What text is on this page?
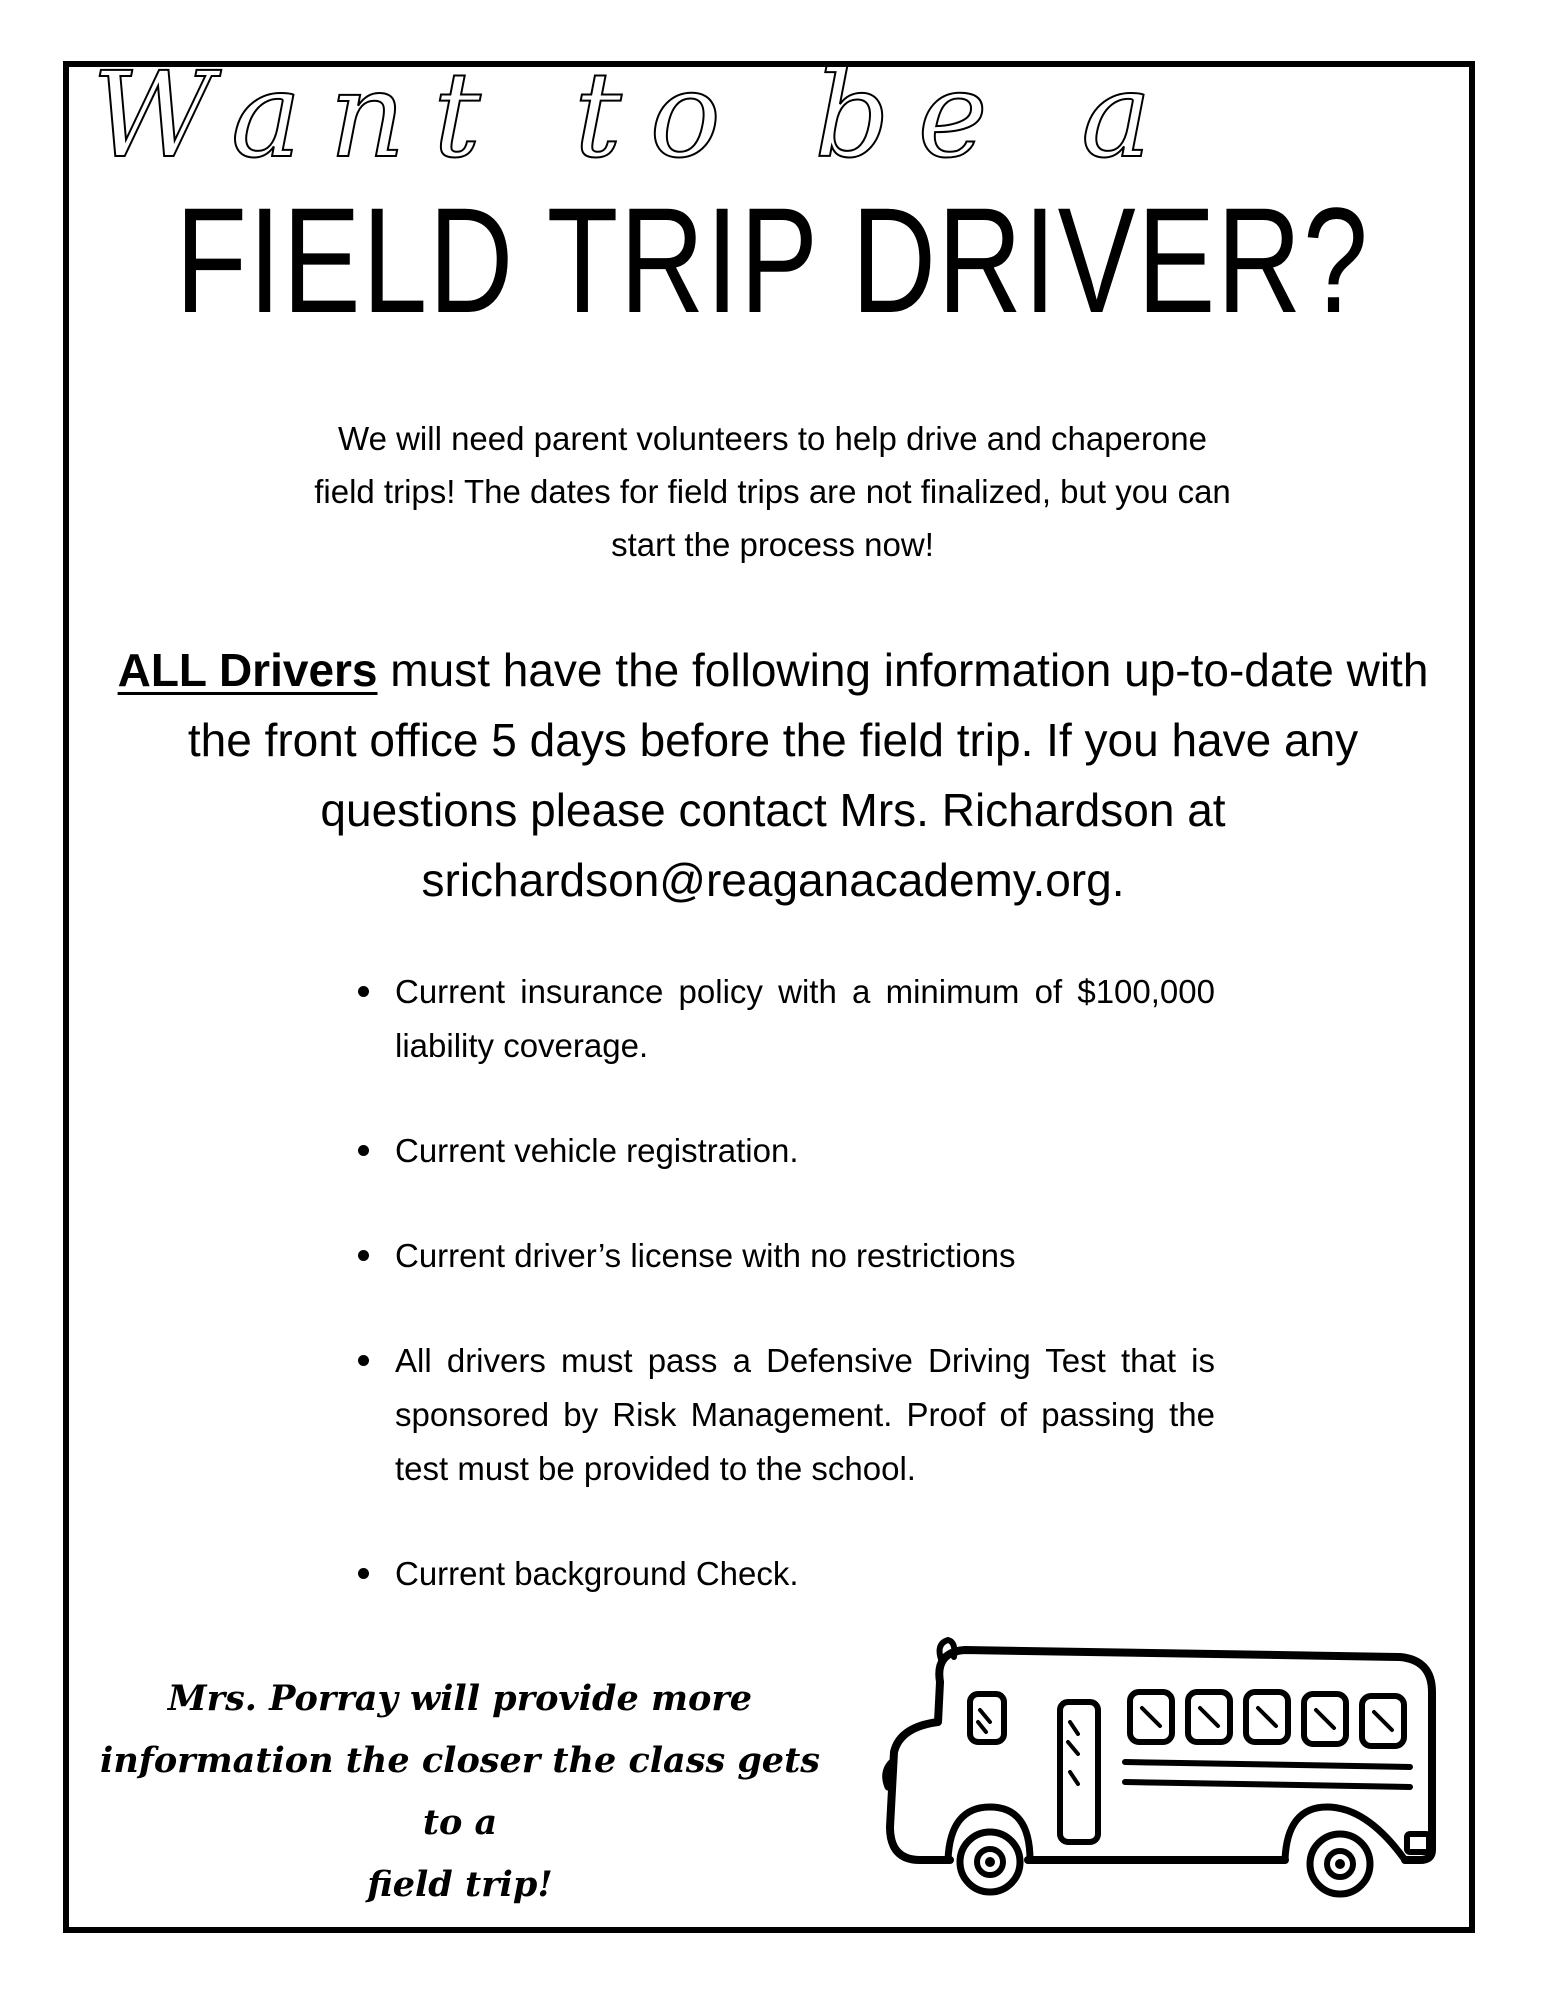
Want to be a
FIELD TRIP DRIVER?
We will need parent volunteers to help drive and chaperone
field trips! The dates for field trips are not finalized, but you can
start the process now!
ALL Drivers must have the following information up-to-date with the front office 5 days before the field trip. If you have any questions please contact Mrs. Richardson at srichardson@reaganacademy.org.
Current insurance policy with a minimum of $100,000 liability coverage.
Current vehicle registration.
Current driver’s license with no restrictions
All drivers must pass a Defensive Driving Test that is sponsored by Risk Management. Proof of passing the test must be provided to the school.
Current background Check.
Mrs. Porray will provide more
information the closer the class gets to a
field trip!
